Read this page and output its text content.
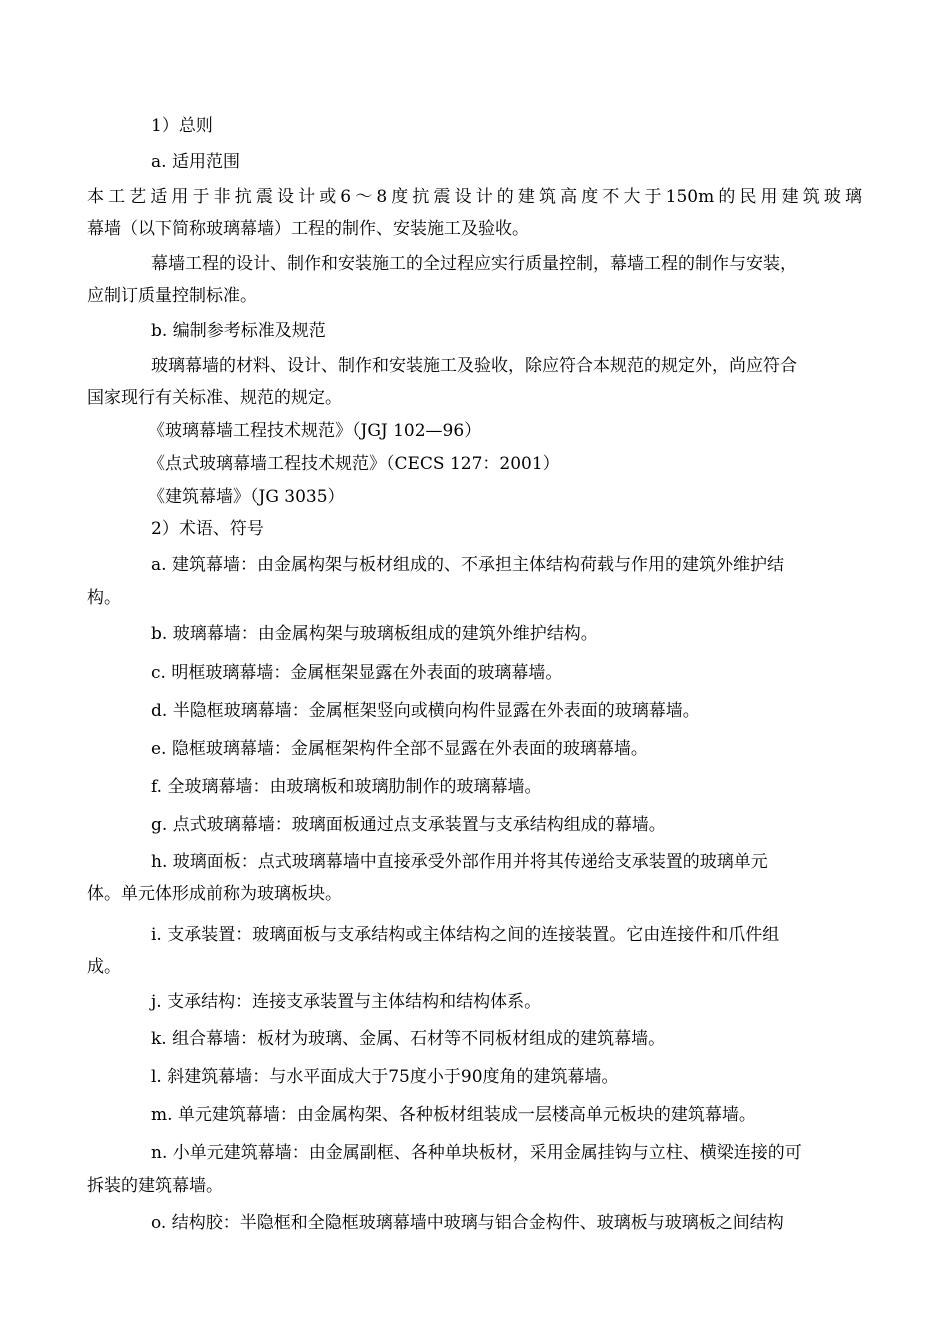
1）总则
a. 适用范围
本工艺适用于非抗震设计或6～8度抗震设计的建筑高度不大于150m的民用建筑玻璃
幕墙（以下简称玻璃幕墙）工程的制作、安装施工及验收。
幕墙工程的设计、制作和安装施工的全过程应实行质量控制，幕墙工程的制作与安装，
应制订质量控制标准。
b. 编制参考标准及规范
玻璃幕墙的材料、设计、制作和安装施工及验收，除应符合本规范的规定外，尚应符合
国家现行有关标准、规范的规定。
《玻璃幕墙工程技术规范》（JGJ 102—96）
《点式玻璃幕墙工程技术规范》（CECS 127：2001）
《建筑幕墙》（JG 3035）
2）术语、符号
a. 建筑幕墙：由金属构架与板材组成的、不承担主体结构荷载与作用的建筑外维护结
构。
b. 玻璃幕墙：由金属构架与玻璃板组成的建筑外维护结构。
c. 明框玻璃幕墙：金属框架显露在外表面的玻璃幕墙。
d. 半隐框玻璃幕墙：金属框架竖向或横向构件显露在外表面的玻璃幕墙。
e. 隐框玻璃幕墙：金属框架构件全部不显露在外表面的玻璃幕墙。
f. 全玻璃幕墙：由玻璃板和玻璃肋制作的玻璃幕墙。
g. 点式玻璃幕墙：玻璃面板通过点支承装置与支承结构组成的幕墙。
h. 玻璃面板：点式玻璃幕墙中直接承受外部作用并将其传递给支承装置的玻璃单元
体。单元体形成前称为玻璃板块。
i. 支承装置：玻璃面板与支承结构或主体结构之间的连接装置。它由连接件和爪件组
成。
j. 支承结构：连接支承装置与主体结构和结构体系。
k. 组合幕墙：板材为玻璃、金属、石材等不同板材组成的建筑幕墙。
l. 斜建筑幕墙：与水平面成大于75度小于90度角的建筑幕墙。
m. 单元建筑幕墙：由金属构架、各种板材组装成一层楼高单元板块的建筑幕墙。
n. 小单元建筑幕墙：由金属副框、各种单块板材，采用金属挂钩与立柱、横梁连接的可
拆装的建筑幕墙。
o. 结构胶：半隐框和全隐框玻璃幕墙中玻璃与铝合金构件、玻璃板与玻璃板之间结构
